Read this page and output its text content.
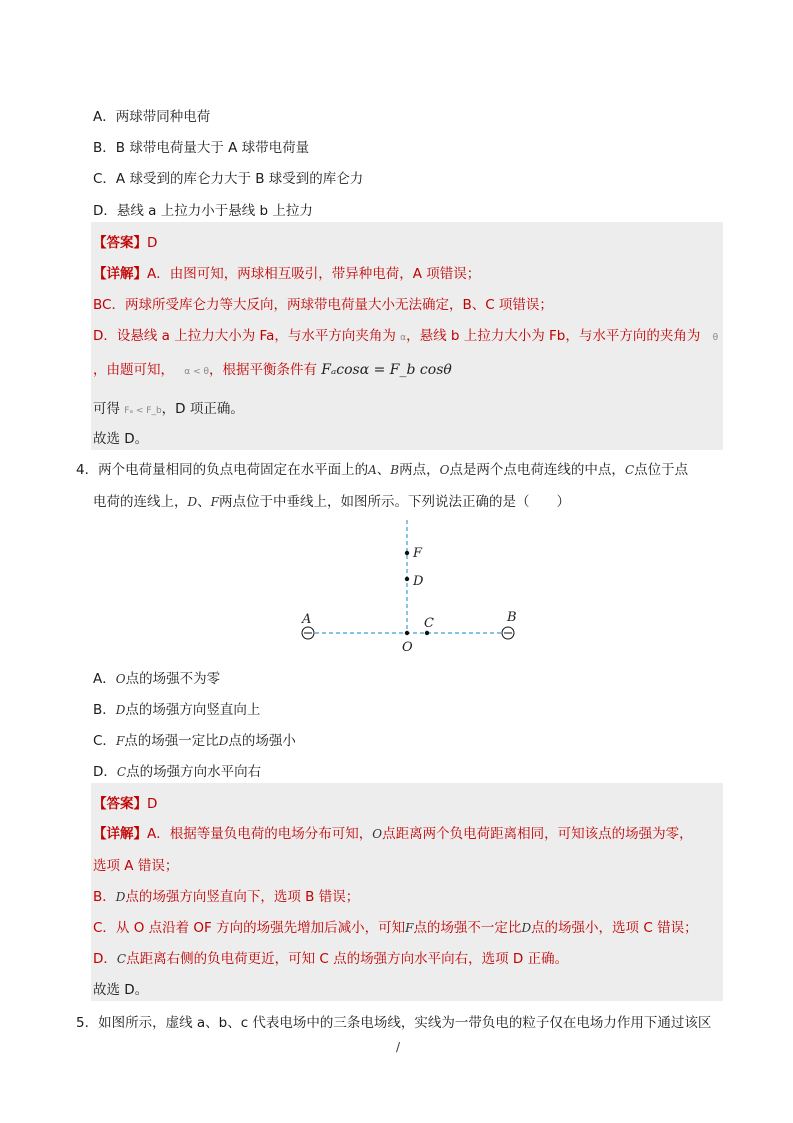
A．两球带同种电荷
B．B 球带电荷量大于 A 球带电荷量
C．A 球受到的库仑力大于 B 球受到的库仑力
D．悬线 a 上拉力小于悬线 b 上拉力
【答案】D
【详解】A．由图可知，两球相互吸引，带异种电荷，A 项错误；
BC．两球所受库仑力等大反向，两球带电荷量大小无法确定，B、C 项错误；
D．设悬线 a 上拉力大小为 Fa，与水平方向夹角为 α，悬线 b 上拉力大小为 Fb，与水平方向的夹角为 θ
，由题可知， α < θ，根据平衡条件有 Fₐcosα = F_b cosθ
可得 Fₐ < F_b，D 项正确。
故选 D。
4．两个电荷量相同的负点电荷固定在水平面上的A、B两点，O点是两个点电荷连线的中点，C点位于点
电荷的连线上，D、F两点位于中垂线上，如图所示。下列说法正确的是（　　）
F
D
A	B
O
C
A．O点的场强不为零
B．D点的场强方向竖直向上
C．F点的场强一定比D点的场强小
D．C点的场强方向水平向右
【答案】D
【详解】A．根据等量负电荷的电场分布可知，O点距离两个负电荷距离相同，可知该点的场强为零，
选项 A 错误；
B．D点的场强方向竖直向下，选项 B 错误；
C．从 O 点沿着 OF 方向的场强先增加后减小，可知F点的场强不一定比D点的场强小，选项 C 错误；
D．C点距离右侧的负电荷更近，可知 C 点的场强方向水平向右，选项 D 正确。
故选 D。
5．如图所示，虚线 a、b、c 代表电场中的三条电场线，实线为一带负电的粒子仅在电场力作用下通过该区
/
